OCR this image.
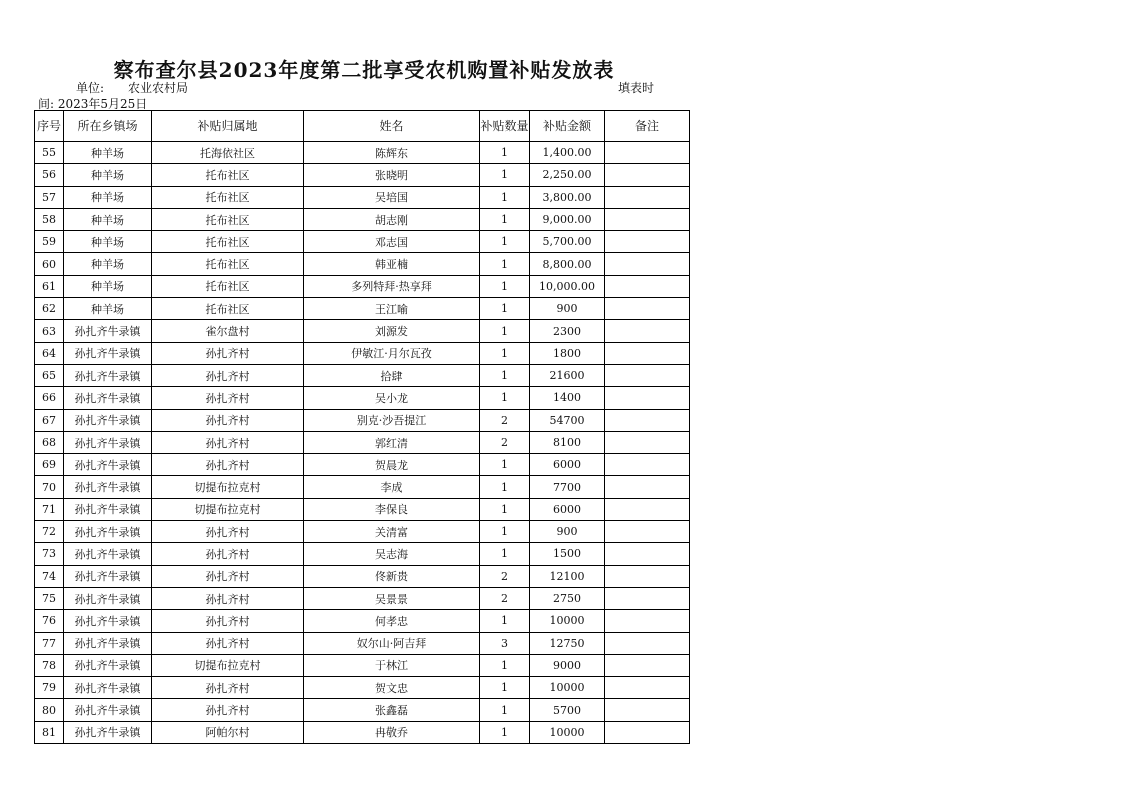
察布查尔县2023年度第二批享受农机购置补贴发放表
单位: 农业农村局	填表时
间: 2023年5月25日
序号	所在乡镇场	补贴归属地	姓名	补贴数量	补贴金额	备注
55	种羊场	托海依社区	陈辉东	1	1,400.00	
56	种羊场	托布社区	张晓明	1	2,250.00	
57	种羊场	托布社区	吴培国	1	3,800.00	
58	种羊场	托布社区	胡志刚	1	9,000.00	
59	种羊场	托布社区	邓志国	1	5,700.00	
60	种羊场	托布社区	韩亚楠	1	8,800.00	
61	种羊场	托布社区	多列特拜·热享拜	1	10,000.00	
62	种羊场	托布社区	王江喻	1	900	
63	孙扎齐牛录镇	雀尔盘村	刘源发	1	2300	
64	孙扎齐牛录镇	孙扎齐村	伊敏江·月尔瓦孜	1	1800	
65	孙扎齐牛录镇	孙扎齐村	拾肆	1	21600	
66	孙扎齐牛录镇	孙扎齐村	吴小龙	1	1400	
67	孙扎齐牛录镇	孙扎齐村	别克·沙吾提江	2	54700	
68	孙扎齐牛录镇	孙扎齐村	郭红清	2	8100	
69	孙扎齐牛录镇	孙扎齐村	贺晨龙	1	6000	
70	孙扎齐牛录镇	切提布拉克村	李成	1	7700	
71	孙扎齐牛录镇	切提布拉克村	李保良	1	6000	
72	孙扎齐牛录镇	孙扎齐村	关清富	1	900	
73	孙扎齐牛录镇	孙扎齐村	吴志海	1	1500	
74	孙扎齐牛录镇	孙扎齐村	佟新贵	2	12100	
75	孙扎齐牛录镇	孙扎齐村	吴景景	2	2750	
76	孙扎齐牛录镇	孙扎齐村	何孝忠	1	10000	
77	孙扎齐牛录镇	孙扎齐村	奴尔山·阿吉拜	3	12750	
78	孙扎齐牛录镇	切提布拉克村	于林江	1	9000	
79	孙扎齐牛录镇	孙扎齐村	贺文忠	1	10000	
80	孙扎齐牛录镇	孙扎齐村	张鑫磊	1	5700	
81	孙扎齐牛录镇	阿帕尔村	冉敬乔	1	10000	
